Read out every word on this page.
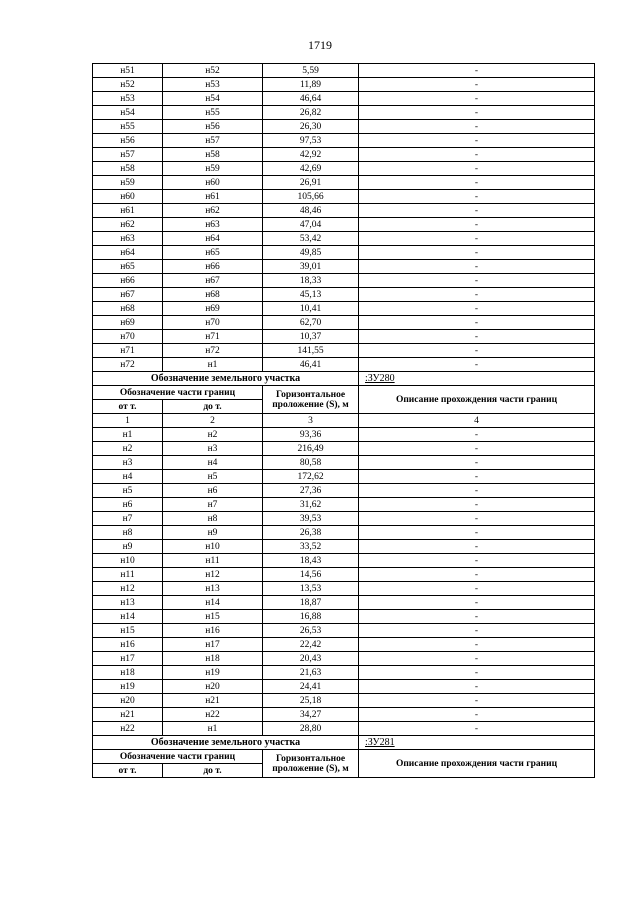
1719
н51	н52	5,59	-
н52	н53	11,89	-
н53	н54	46,64	-
н54	н55	26,82	-
н55	н56	26,30	-
н56	н57	97,53	-
н57	н58	42,92	-
н58	н59	42,69	-
н59	н60	26,91	-
н60	н61	105,66	-
н61	н62	48,46	-
н62	н63	47,04	-
н63	н64	53,42	-
н64	н65	49,85	-
н65	н66	39,01	-
н66	н67	18,33	-
н67	н68	45,13	-
н68	н69	10,41	-
н69	н70	62,70	-
н70	н71	10,37	-
н71	н72	141,55	-
н72	н1	46,41	-
Обозначение земельного участка			:ЗУ280
Обозначение части границ		Горизонтальное проложение (S), м	Описание прохождения части границ
от т.	до т.		
1	2	3	4
н1	н2	93,36	-
н2	н3	216,49	-
н3	н4	80,58	-
н4	н5	172,62	-
н5	н6	27,36	-
н6	н7	31,62	-
н7	н8	39,53	-
н8	н9	26,38	-
н9	н10	33,52	-
н10	н11	18,43	-
н11	н12	14,56	-
н12	н13	13,53	-
н13	н14	18,87	-
н14	н15	16,88	-
н15	н16	26,53	-
н16	н17	22,42	-
н17	н18	20,43	-
н18	н19	21,63	-
н19	н20	24,41	-
н20	н21	25,18	-
н21	н22	34,27	-
н22	н1	28,80	-
Обозначение земельного участка			:ЗУ281
Обозначение части границ		Горизонтальное проложение (S), м	Описание прохождения части границ
от т.	до т.		
